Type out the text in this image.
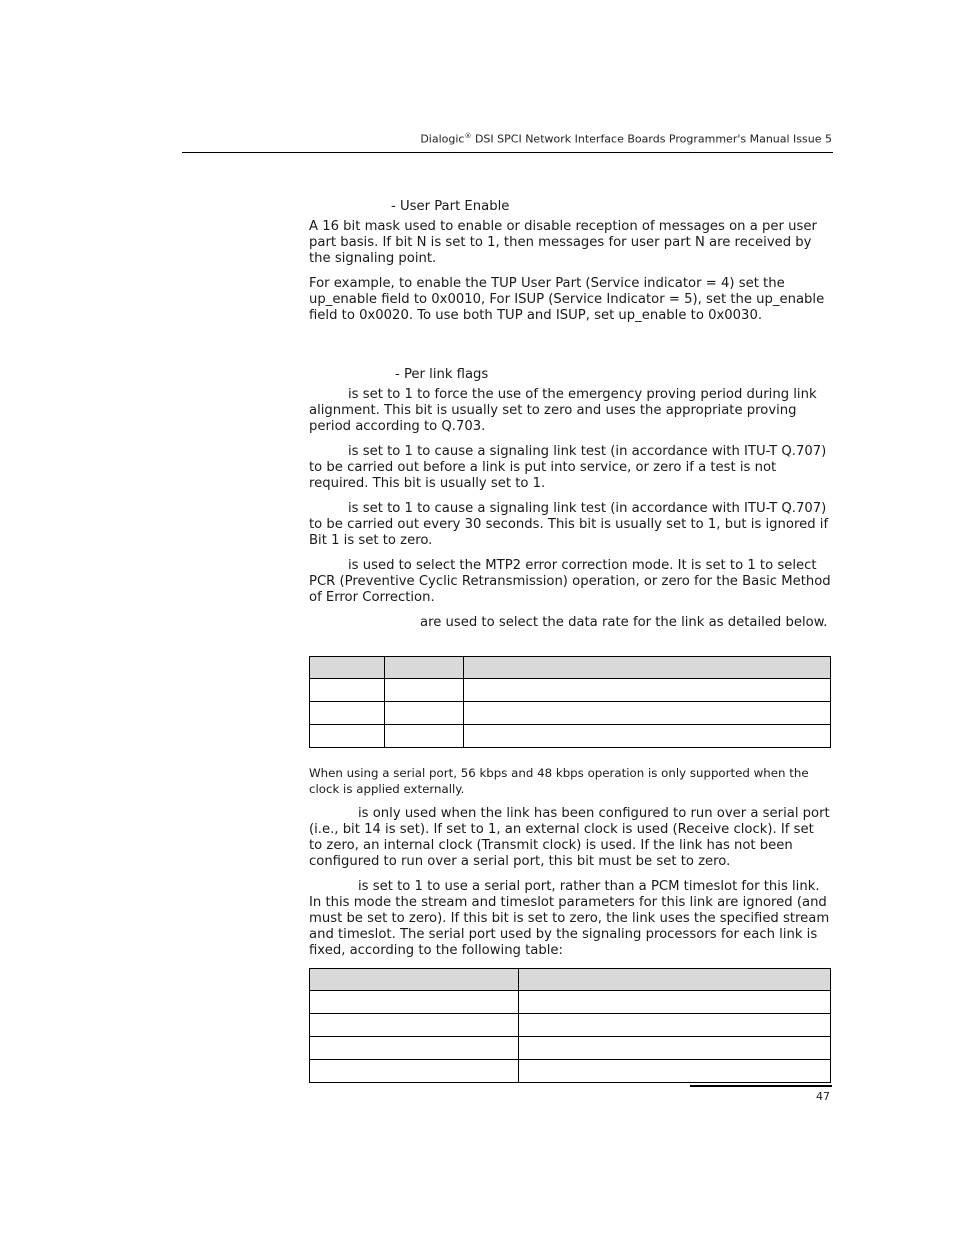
Dialogic® DSI SPCI Network Interface Boards Programmer's Manual Issue 5
- User Part Enable

A 16 bit mask used to enable or disable reception of messages on a per user part basis. If bit N is set to 1, then messages for user part N are received by the signaling point.

For example, to enable the TUP User Part (Service indicator = 4) set the up_enable field to 0x0010, For ISUP (Service Indicator = 5), set the up_enable field to 0x0020. To use both TUP and ISUP, set up_enable to 0x0030.

- Per link flags

is set to 1 to force the use of the emergency proving period during link alignment. This bit is usually set to zero and uses the appropriate proving period according to Q.703.

is set to 1 to cause a signaling link test (in accordance with ITU-T Q.707) to be carried out before a link is put into service, or zero if a test is not required. This bit is usually set to 1.

is set to 1 to cause a signaling link test (in accordance with ITU-T Q.707) to be carried out every 30 seconds. This bit is usually set to 1, but is ignored if Bit 1 is set to zero.

is used to select the MTP2 error correction mode. It is set to 1 to select PCR (Preventive Cyclic Retransmission) operation, or zero for the Basic Method of Error Correction.

are used to select the data rate for the link as detailed below.

When using a serial port, 56 kbps and 48 kbps operation is only supported when the clock is applied externally.

is only used when the link has been configured to run over a serial port (i.e., bit 14 is set). If set to 1, an external clock is used (Receive clock). If set to zero, an internal clock (Transmit clock) is used. If the link has not been configured to run over a serial port, this bit must be set to zero.

is set to 1 to use a serial port, rather than a PCM timeslot for this link. In this mode the stream and timeslot parameters for this link are ignored (and must be set to zero). If this bit is set to zero, the link uses the specified stream and timeslot. The serial port used by the signaling processors for each link is fixed, according to the following table:

47
